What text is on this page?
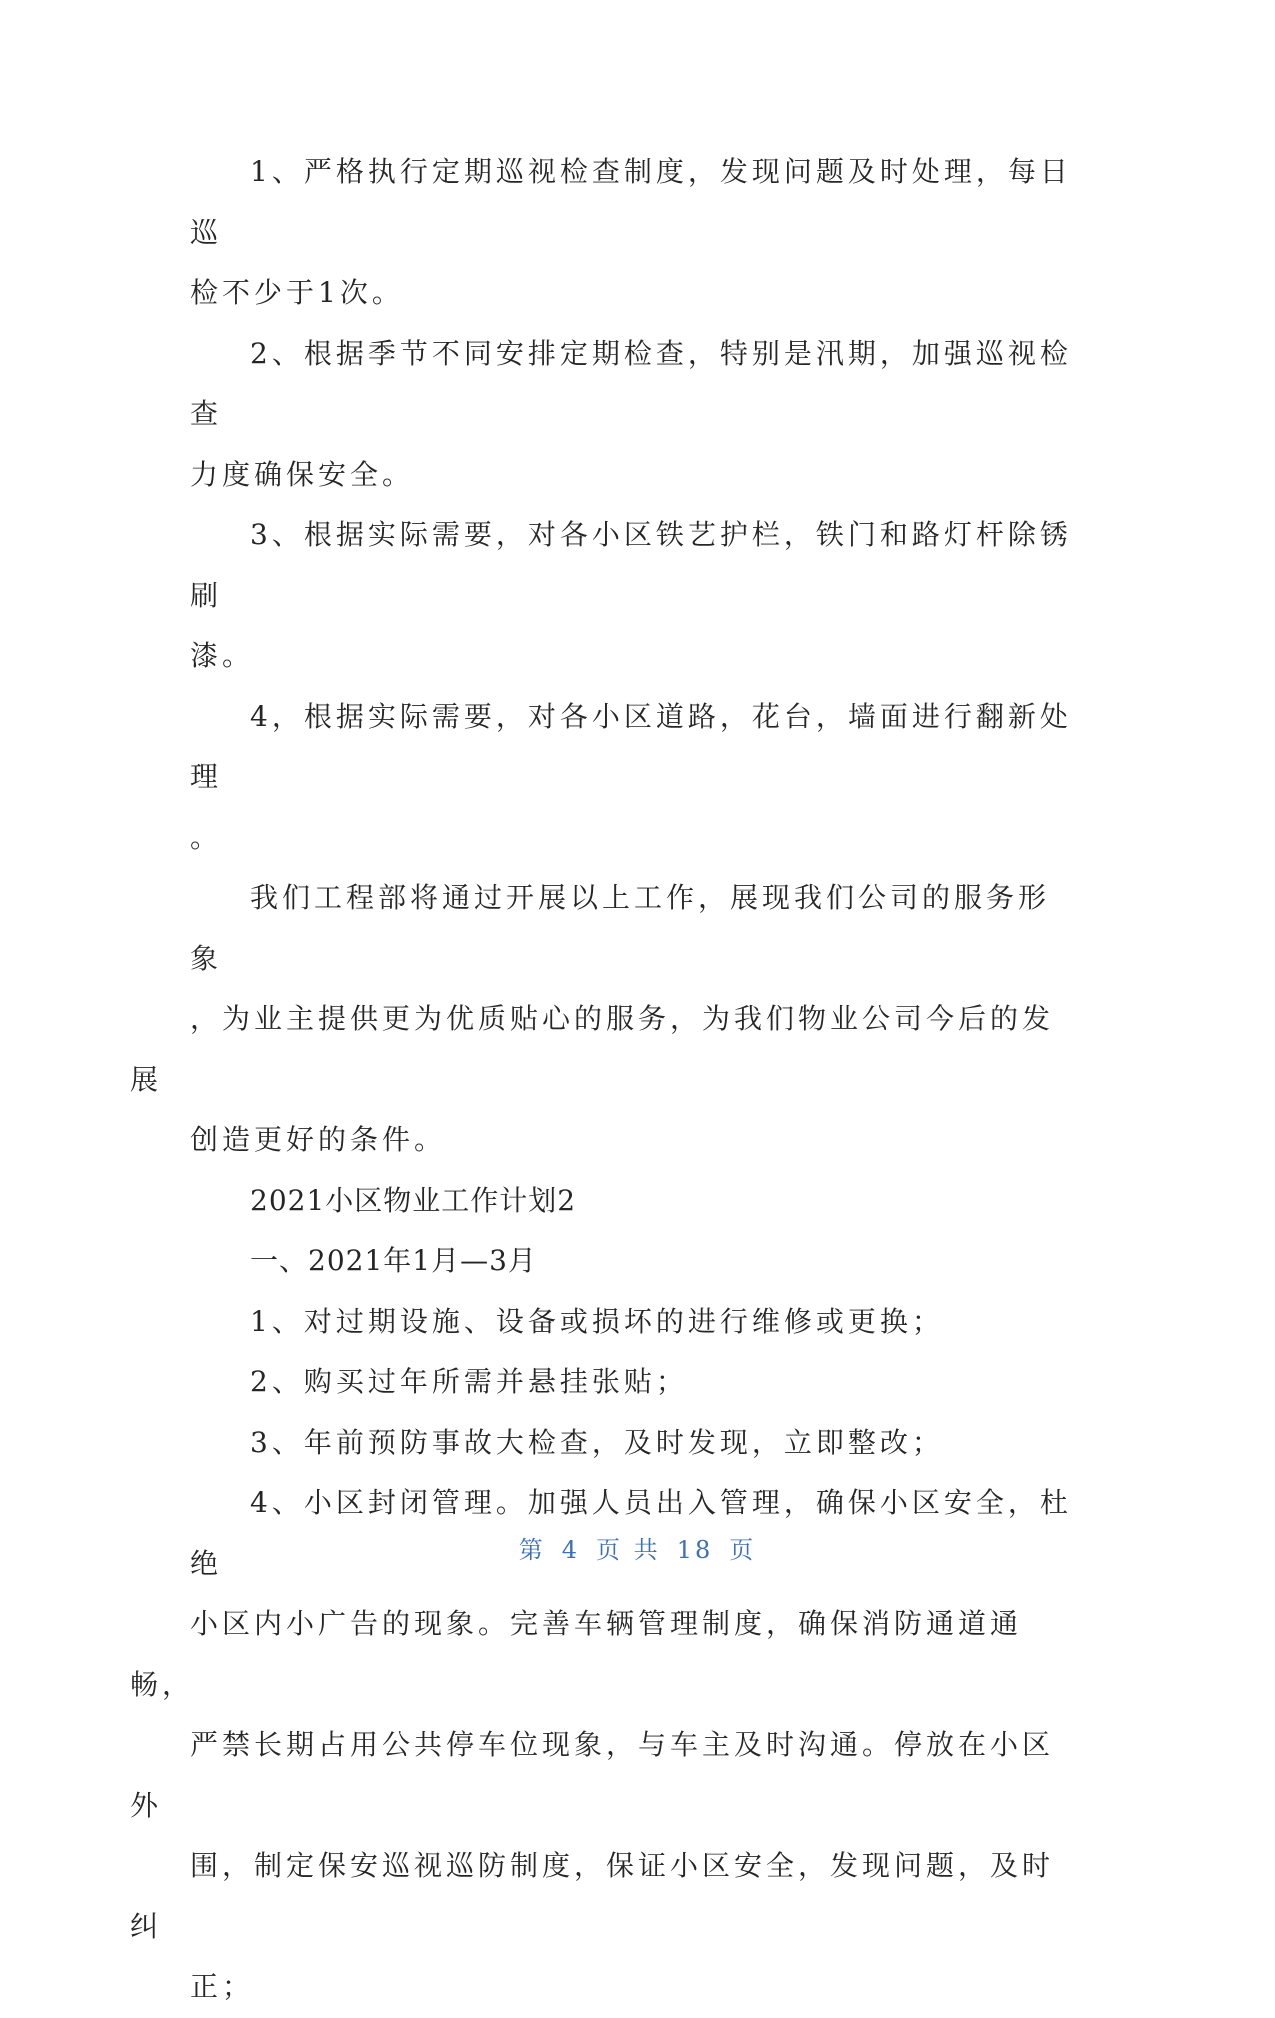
1、严格执行定期巡视检查制度，发现问题及时处理，每日巡
检不少于1次。

2、根据季节不同安排定期检查，特别是汛期，加强巡视检查
力度确保安全。

3、根据实际需要，对各小区铁艺护栏，铁门和路灯杆除锈刷
漆。

4，根据实际需要，对各小区道路，花台，墙面进行翻新处理
。

我们工程部将通过开展以上工作，展现我们公司的服务形象
，为业主提供更为优质贴心的服务，为我们物业公司今后的发展
创造更好的条件。

2021小区物业工作计划2

一、2021年1月—3月

1、对过期设施、设备或损坏的进行维修或更换；

2、购买过年所需并悬挂张贴；

3、年前预防事故大检查，及时发现，立即整改；

4、小区封闭管理。加强人员出入管理，确保小区安全，杜绝
小区内小广告的现象。完善车辆管理制度，确保消防通道通畅，
严禁长期占用公共停车位现象，与车主及时沟通。停放在小区外
围，制定保安巡视巡防制度，保证小区安全，发现问题，及时纠
正；

第 4 页 共 18 页
